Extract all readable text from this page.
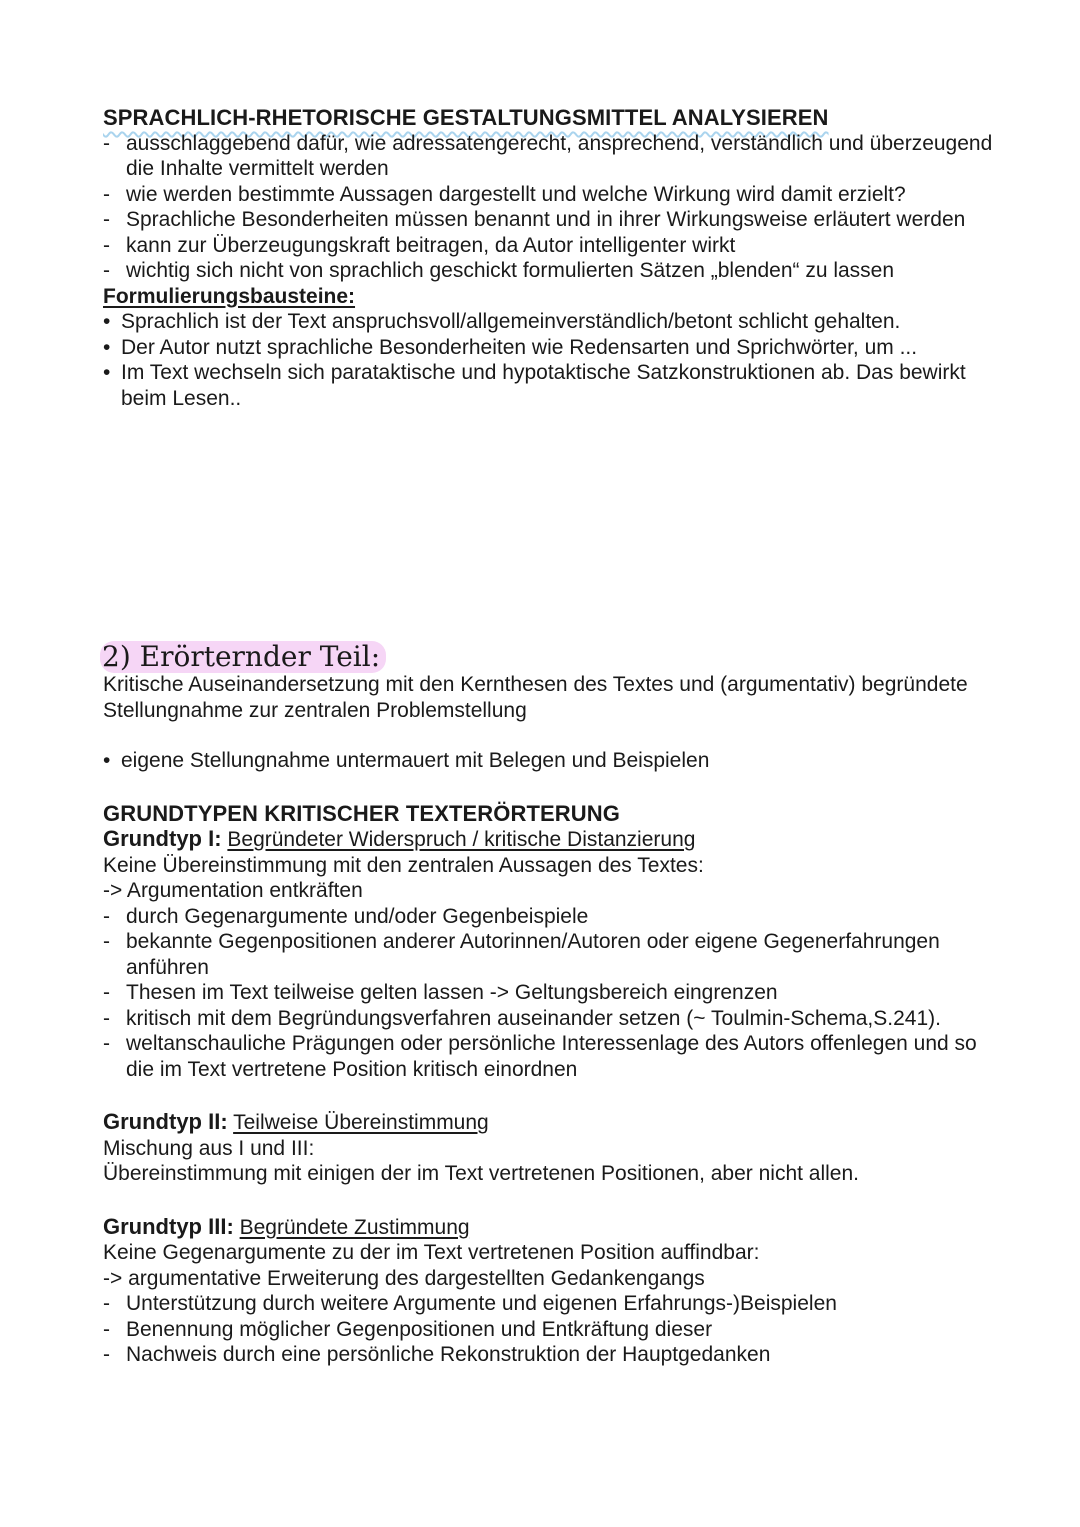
SPRACHLICH-RHETORISCHE GESTALTUNGSMITTEL ANALYSIEREN
- ausschlaggebend dafür, wie adressatengerecht, ansprechend, verständlich und überzeugend die Inhalte vermittelt werden
- wie werden bestimmte Aussagen dargestellt und welche Wirkung wird damit erzielt?
- Sprachliche Besonderheiten müssen benannt und in ihrer Wirkungsweise erläutert werden
- kann zur Überzeugungskraft beitragen, da Autor intelligenter wirkt
- wichtig sich nicht von sprachlich geschickt formulierten Sätzen „blenden“ zu lassen
Formulierungsbausteine:
• Sprachlich ist der Text anspruchsvoll/allgemeinverständlich/betont schlicht gehalten.
• Der Autor nutzt sprachliche Besonderheiten wie Redensarten und Sprichwörter, um ...
• Im Text wechseln sich parataktische und hypotaktische Satzkonstruktionen ab. Das bewirkt beim Lesen..
2) Erörternder Teil:
Kritische Auseinandersetzung mit den Kernthesen des Textes und (argumentativ) begründete Stellungnahme zur zentralen Problemstellung
• eigene Stellungnahme untermauert mit Belegen und Beispielen
GRUNDTYPEN KRITISCHER TEXTERÖRTERUNG
Grundtyp I: Begründeter Widerspruch / kritische Distanzierung
Keine Übereinstimmung mit den zentralen Aussagen des Textes:
-> Argumentation entkräften
- durch Gegenargumente und/oder Gegenbeispiele
- bekannte Gegenpositionen anderer Autorinnen/Autoren oder eigene Gegenerfahrungen anführen
- Thesen im Text teilweise gelten lassen -> Geltungsbereich eingrenzen
- kritisch mit dem Begründungsverfahren auseinander setzen (~ Toulmin-Schema,S.241).
- weltanschauliche Prägungen oder persönliche Interessenlage des Autors offenlegen und so die im Text vertretene Position kritisch einordnen
Grundtyp II: Teilweise Übereinstimmung
Mischung aus I und III:
Übereinstimmung mit einigen der im Text vertretenen Positionen, aber nicht allen.
Grundtyp III: Begründete Zustimmung
Keine Gegenargumente zu der im Text vertretenen Position auffindbar:
-> argumentative Erweiterung des dargestellten Gedankengangs
- Unterstützung durch weitere Argumente und eigenen Erfahrungs-)Beispielen
- Benennung möglicher Gegenpositionen und Entkräftung dieser
- Nachweis durch eine persönliche Rekonstruktion der Hauptgedanken
